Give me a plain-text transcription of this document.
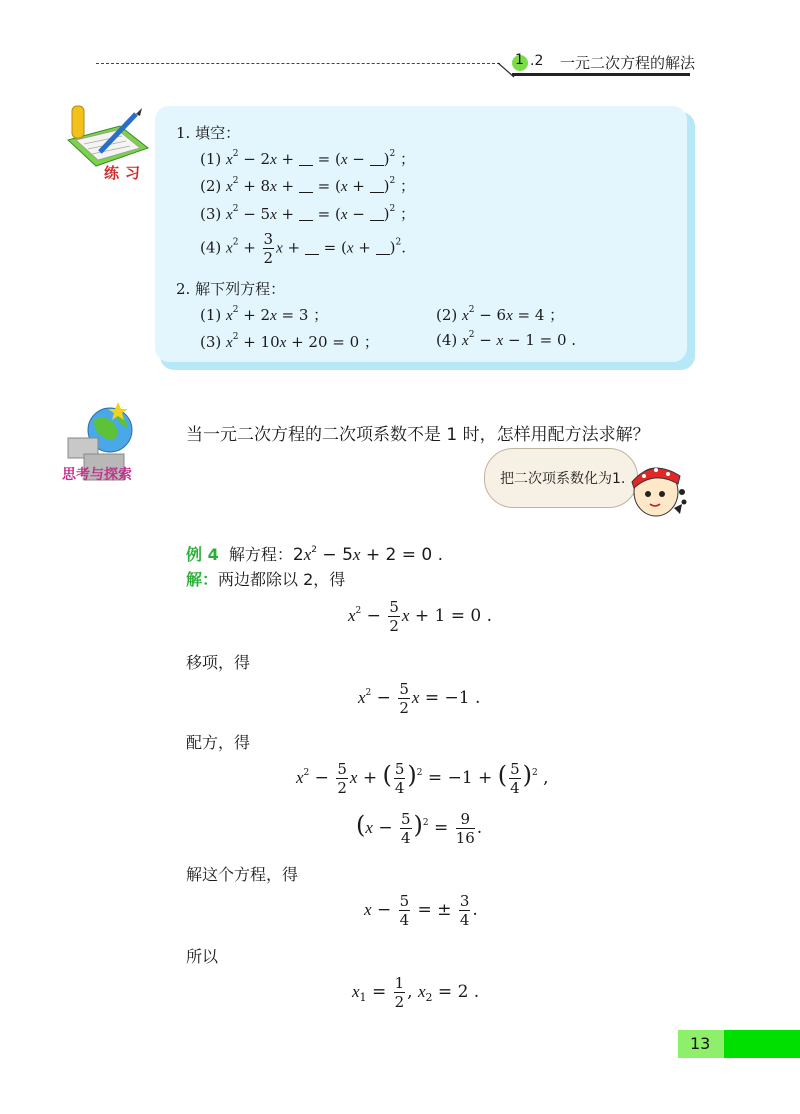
1 .2 一元二次方程的解法
练习
1. 填空：
(1) $x^2 - 2x$ +  = $(x - )^2$ ；
(2) $x^2 + 8x$ +  = $(x + )^2$ ；
(3) $x^2 - 5x$ +  = $(x - )^2$ ；
(4) $x^2 + \frac{3}{2}$ x +  = $(x + )^2$.
2. 解下列方程：
(1) $x^2 + 2x = 3$ ；	(2) $x^2 - 6x = 4$ ；
(3) $x^2 + 10x + 20 = 0$ ；	(4) $x^2 - x - 1 = 0$ .
思考与探索
当一元二次方程的二次项系数不是 1 时，怎样用配方法求解？
把二次项系数化为1.
例 4 解方程：$2x^2 - 5x + 2 = 0$ .
解：两边都除以 2，得
$x^2 - \frac{5}{2}$ x + 1 = 0 .
移项，得
$x^2 - \frac{5}{2}$ x = −1 .
配方，得
$x^2 - \frac{5}{2}$ x + ( $\frac{5}{4} )^2 = -1$ + ( $\frac{5}{4} )^2$ ,
$(x - \frac{5}{4} )^2 = \frac{9}{16}$ .
解这个方程，得
$x - \frac{5}{4}$ = ± $\frac{3}{4}$ .
所以
$x_1 = \frac{1}{2}$ , $x_2 = 2$ .
13
